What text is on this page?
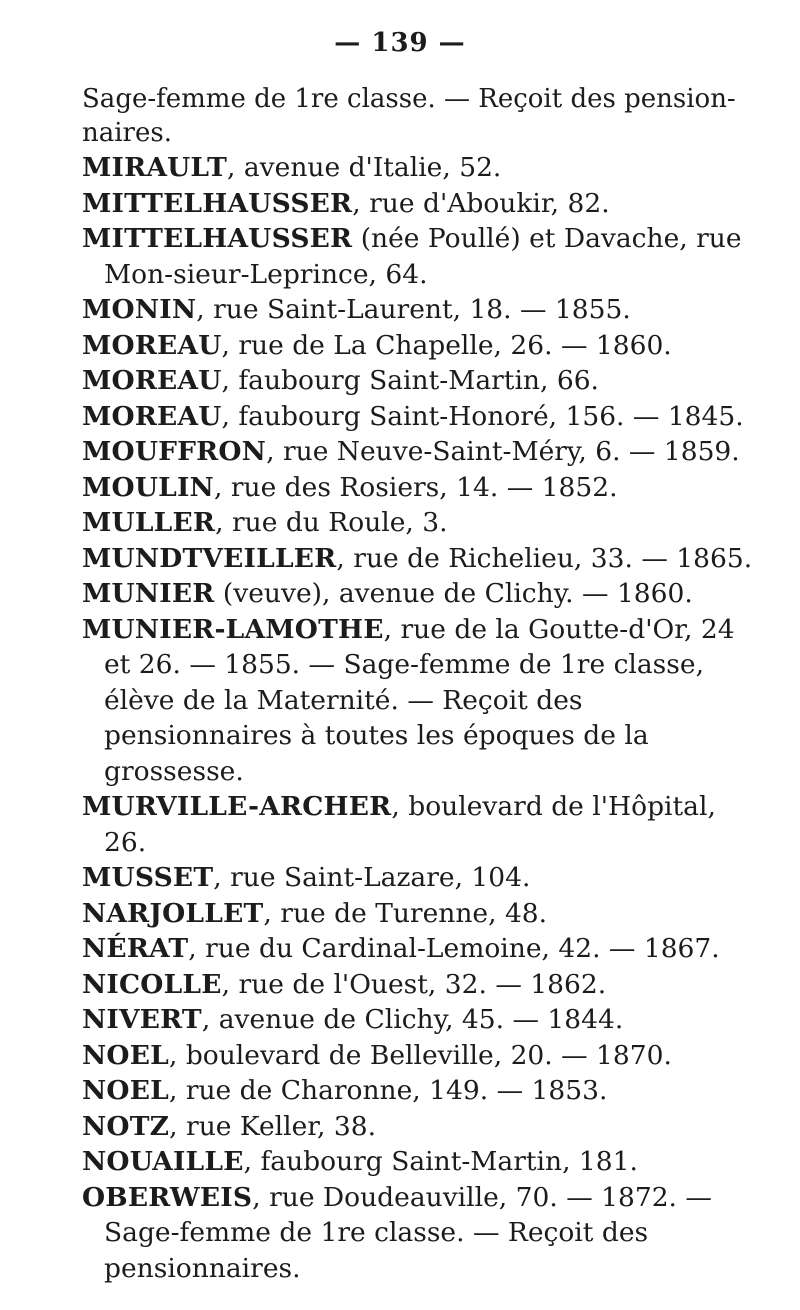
— 139 —

Sage-femme de 1re classe. — Reçoit des pension-naires.

MIRAULT, avenue d'Italie, 52.
MITTELHAUSSER, rue d'Aboukir, 82.
MITTELHAUSSER (née Poullé) et Davache, rue Mon-sieur-Leprince, 64.
MONIN, rue Saint-Laurent, 18. — 1855.
MOREAU, rue de La Chapelle, 26. — 1860.
MOREAU, faubourg Saint-Martin, 66.
MOREAU, faubourg Saint-Honoré, 156. — 1845.
MOUFFRON, rue Neuve-Saint-Méry, 6. — 1859.
MOULIN, rue des Rosiers, 14. — 1852.
MULLER, rue du Roule, 3.
MUNDTVEILLER, rue de Richelieu, 33. — 1865.
MUNIER (veuve), avenue de Clichy. — 1860.
MUNIER-LAMOTHE, rue de la Goutte-d'Or, 24 et 26. — 1855. — Sage-femme de 1re classe, élève de la Maternité. — Reçoit des pensionnaires à toutes les époques de la grossesse.
MURVILLE-ARCHER, boulevard de l'Hôpital, 26.
MUSSET, rue Saint-Lazare, 104.
NARJOLLET, rue de Turenne, 48.
NÉRAT, rue du Cardinal-Lemoine, 42. — 1867.
NICOLLE, rue de l'Ouest, 32. — 1862.
NIVERT, avenue de Clichy, 45. — 1844.
NOEL, boulevard de Belleville, 20. — 1870.
NOEL, rue de Charonne, 149. — 1853.
NOTZ, rue Keller, 38.
NOUAILLE, faubourg Saint-Martin, 181.
OBERWEIS, rue Doudeauville, 70. — 1872. — Sage-femme de 1re classe. — Reçoit des pensionnaires.
